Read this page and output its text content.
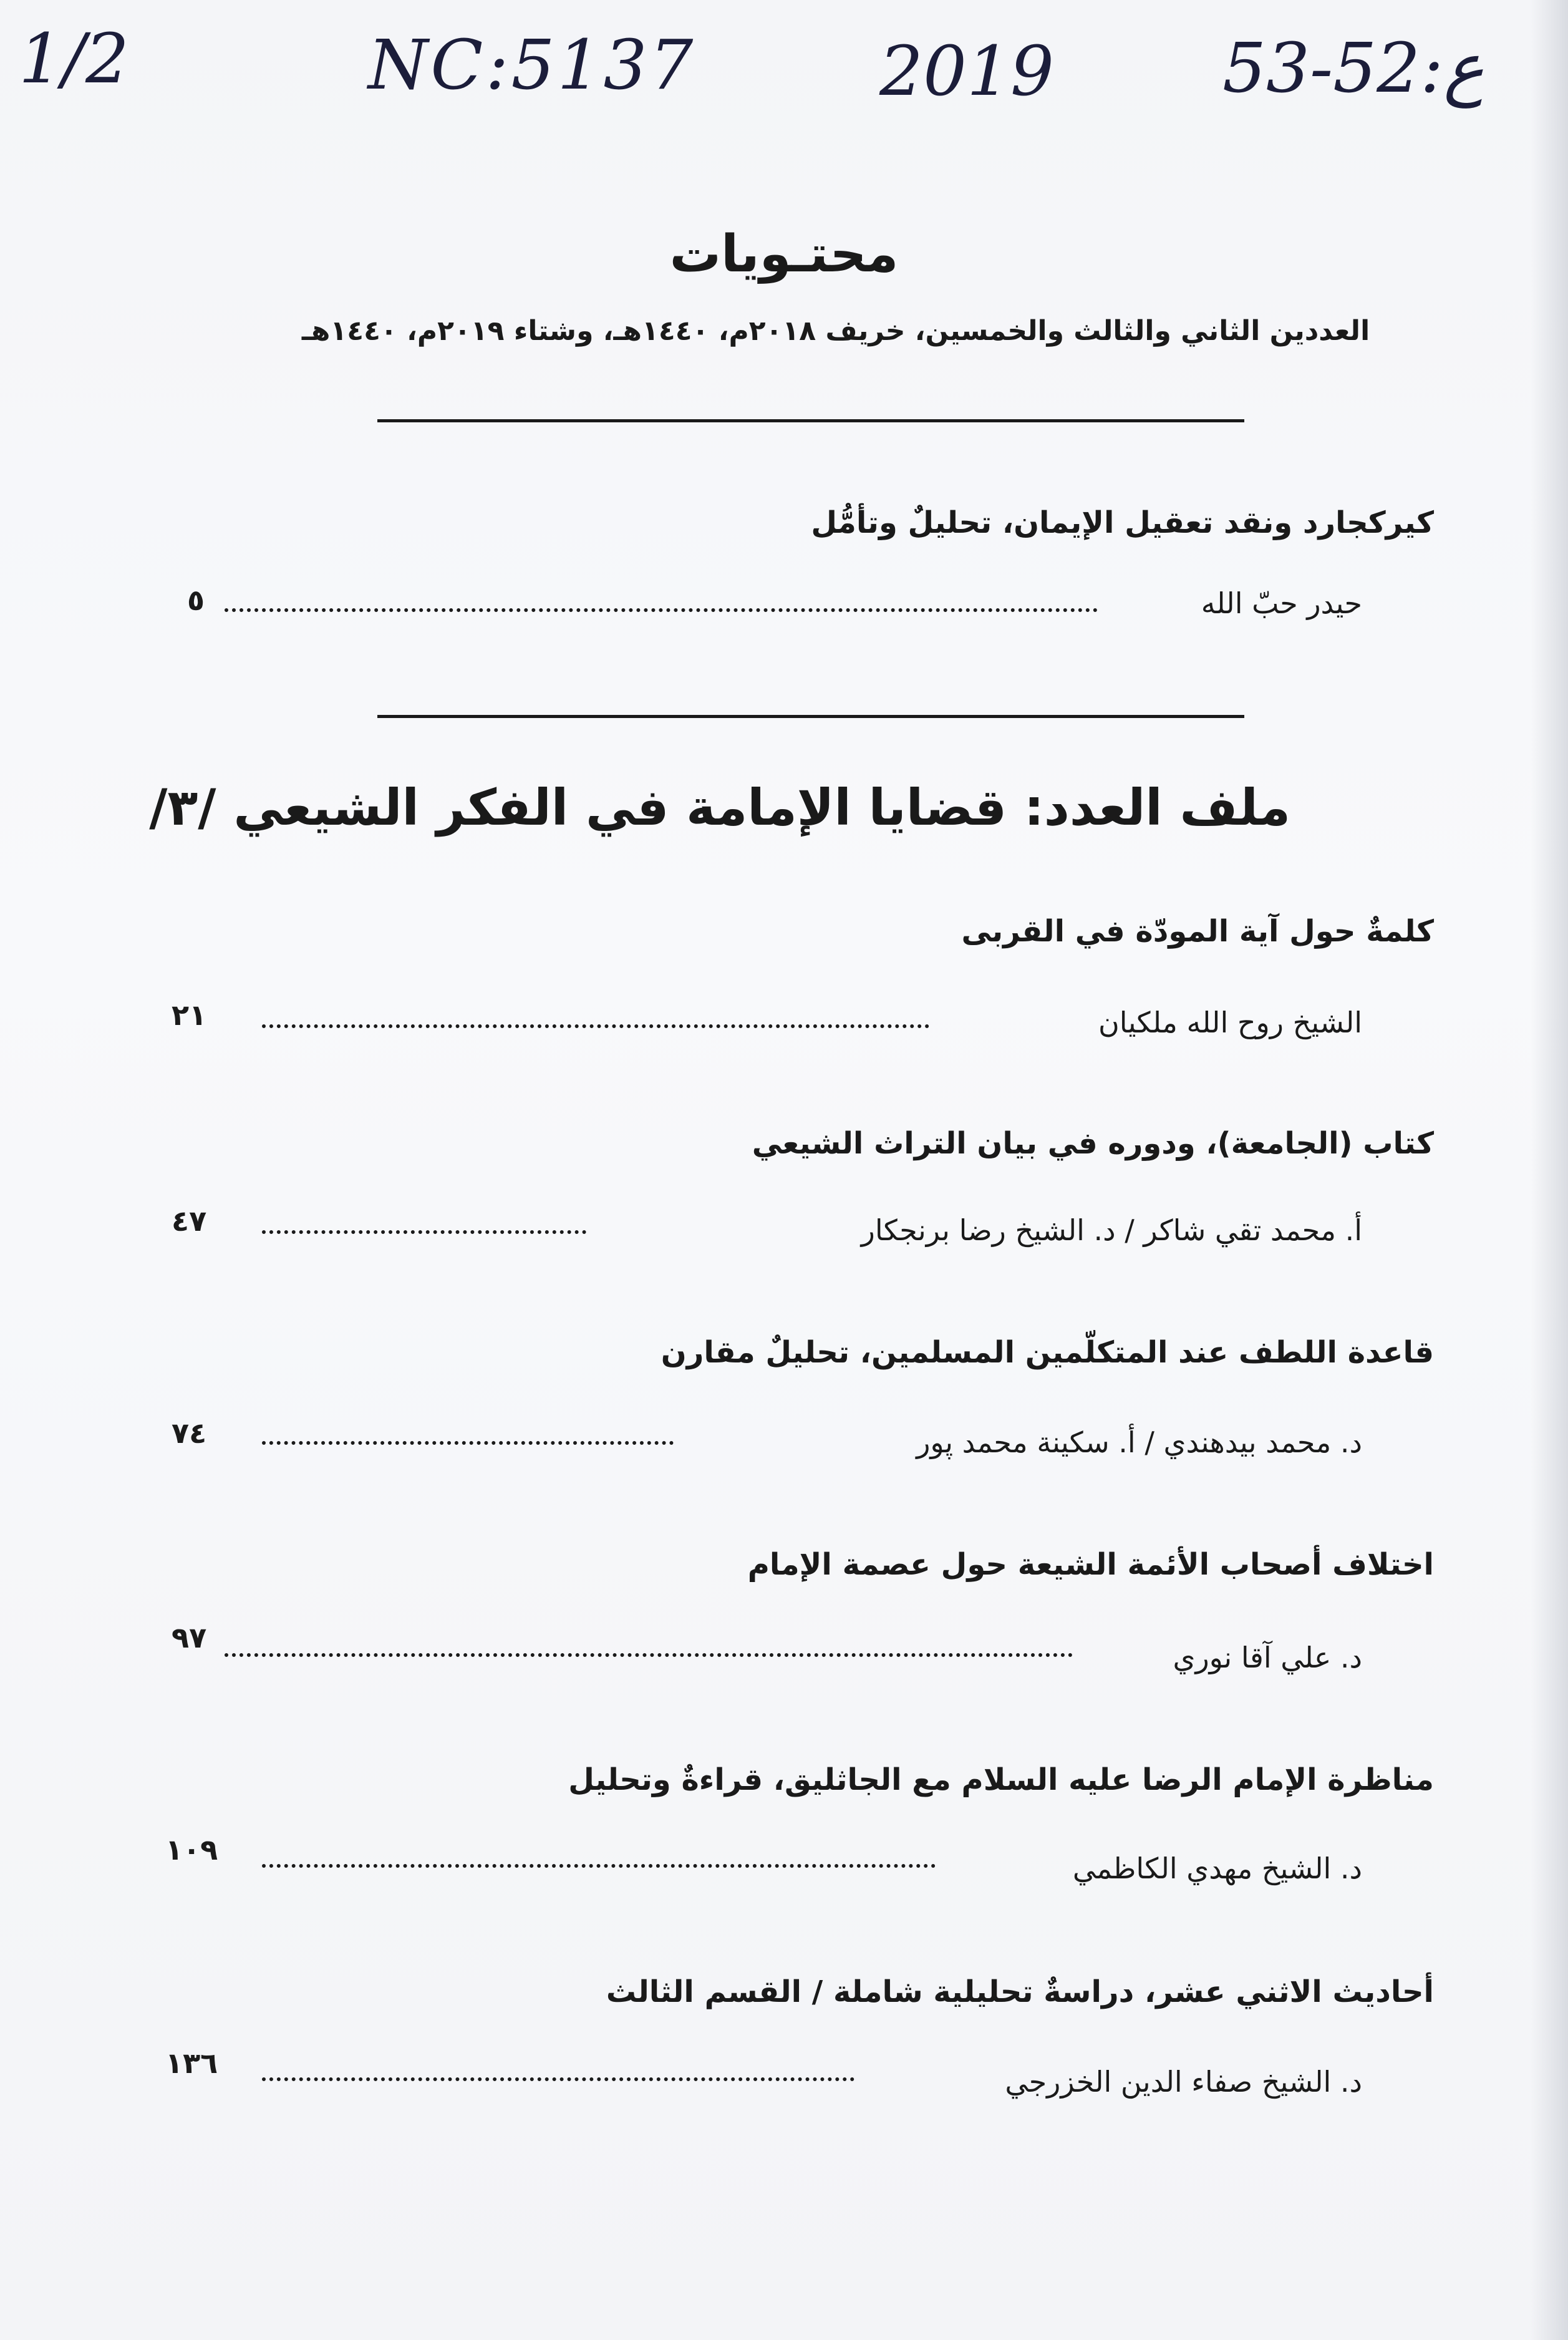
1/2	NC:5137	2019 53-52:ع
محتـويات
العددين الثاني والثالث والخمسين، خريف ٢٠١٨م، ١٤٤٠هـ، وشتاء ٢٠١٩م، ١٤٤٠هـ
كيركجارد ونقد تعقيل الإيمان، تحليلٌ وتأمُّل
حيدر حبّ الله
٥
ملف العدد: قضايا الإمامة في الفكر الشيعي /٣/
كلمةٌ حول آية المودّة في القربى
الشيخ روح الله ملكيان
٢١
كتاب (الجامعة)، ودوره في بيان التراث الشيعي
أ. محمد تقي شاكر / د. الشيخ رضا برنجكار
٤٧
قاعدة اللطف عند المتكلّمين المسلمين، تحليلٌ مقارن
د. محمد بيدهندي / أ. سكينة محمد پور
٧٤
اختلاف أصحاب الأئمة الشيعة حول عصمة الإمام
د. علي آقا نوري
٩٧
مناظرة الإمام الرضا عليه السلام مع الجاثليق، قراءةٌ وتحليل
د. الشيخ مهدي الكاظمي
١٠٩
أحاديث الاثني عشر، دراسةٌ تحليلية شاملة / القسم الثالث
د. الشيخ صفاء الدين الخزرجي
١٣٦
